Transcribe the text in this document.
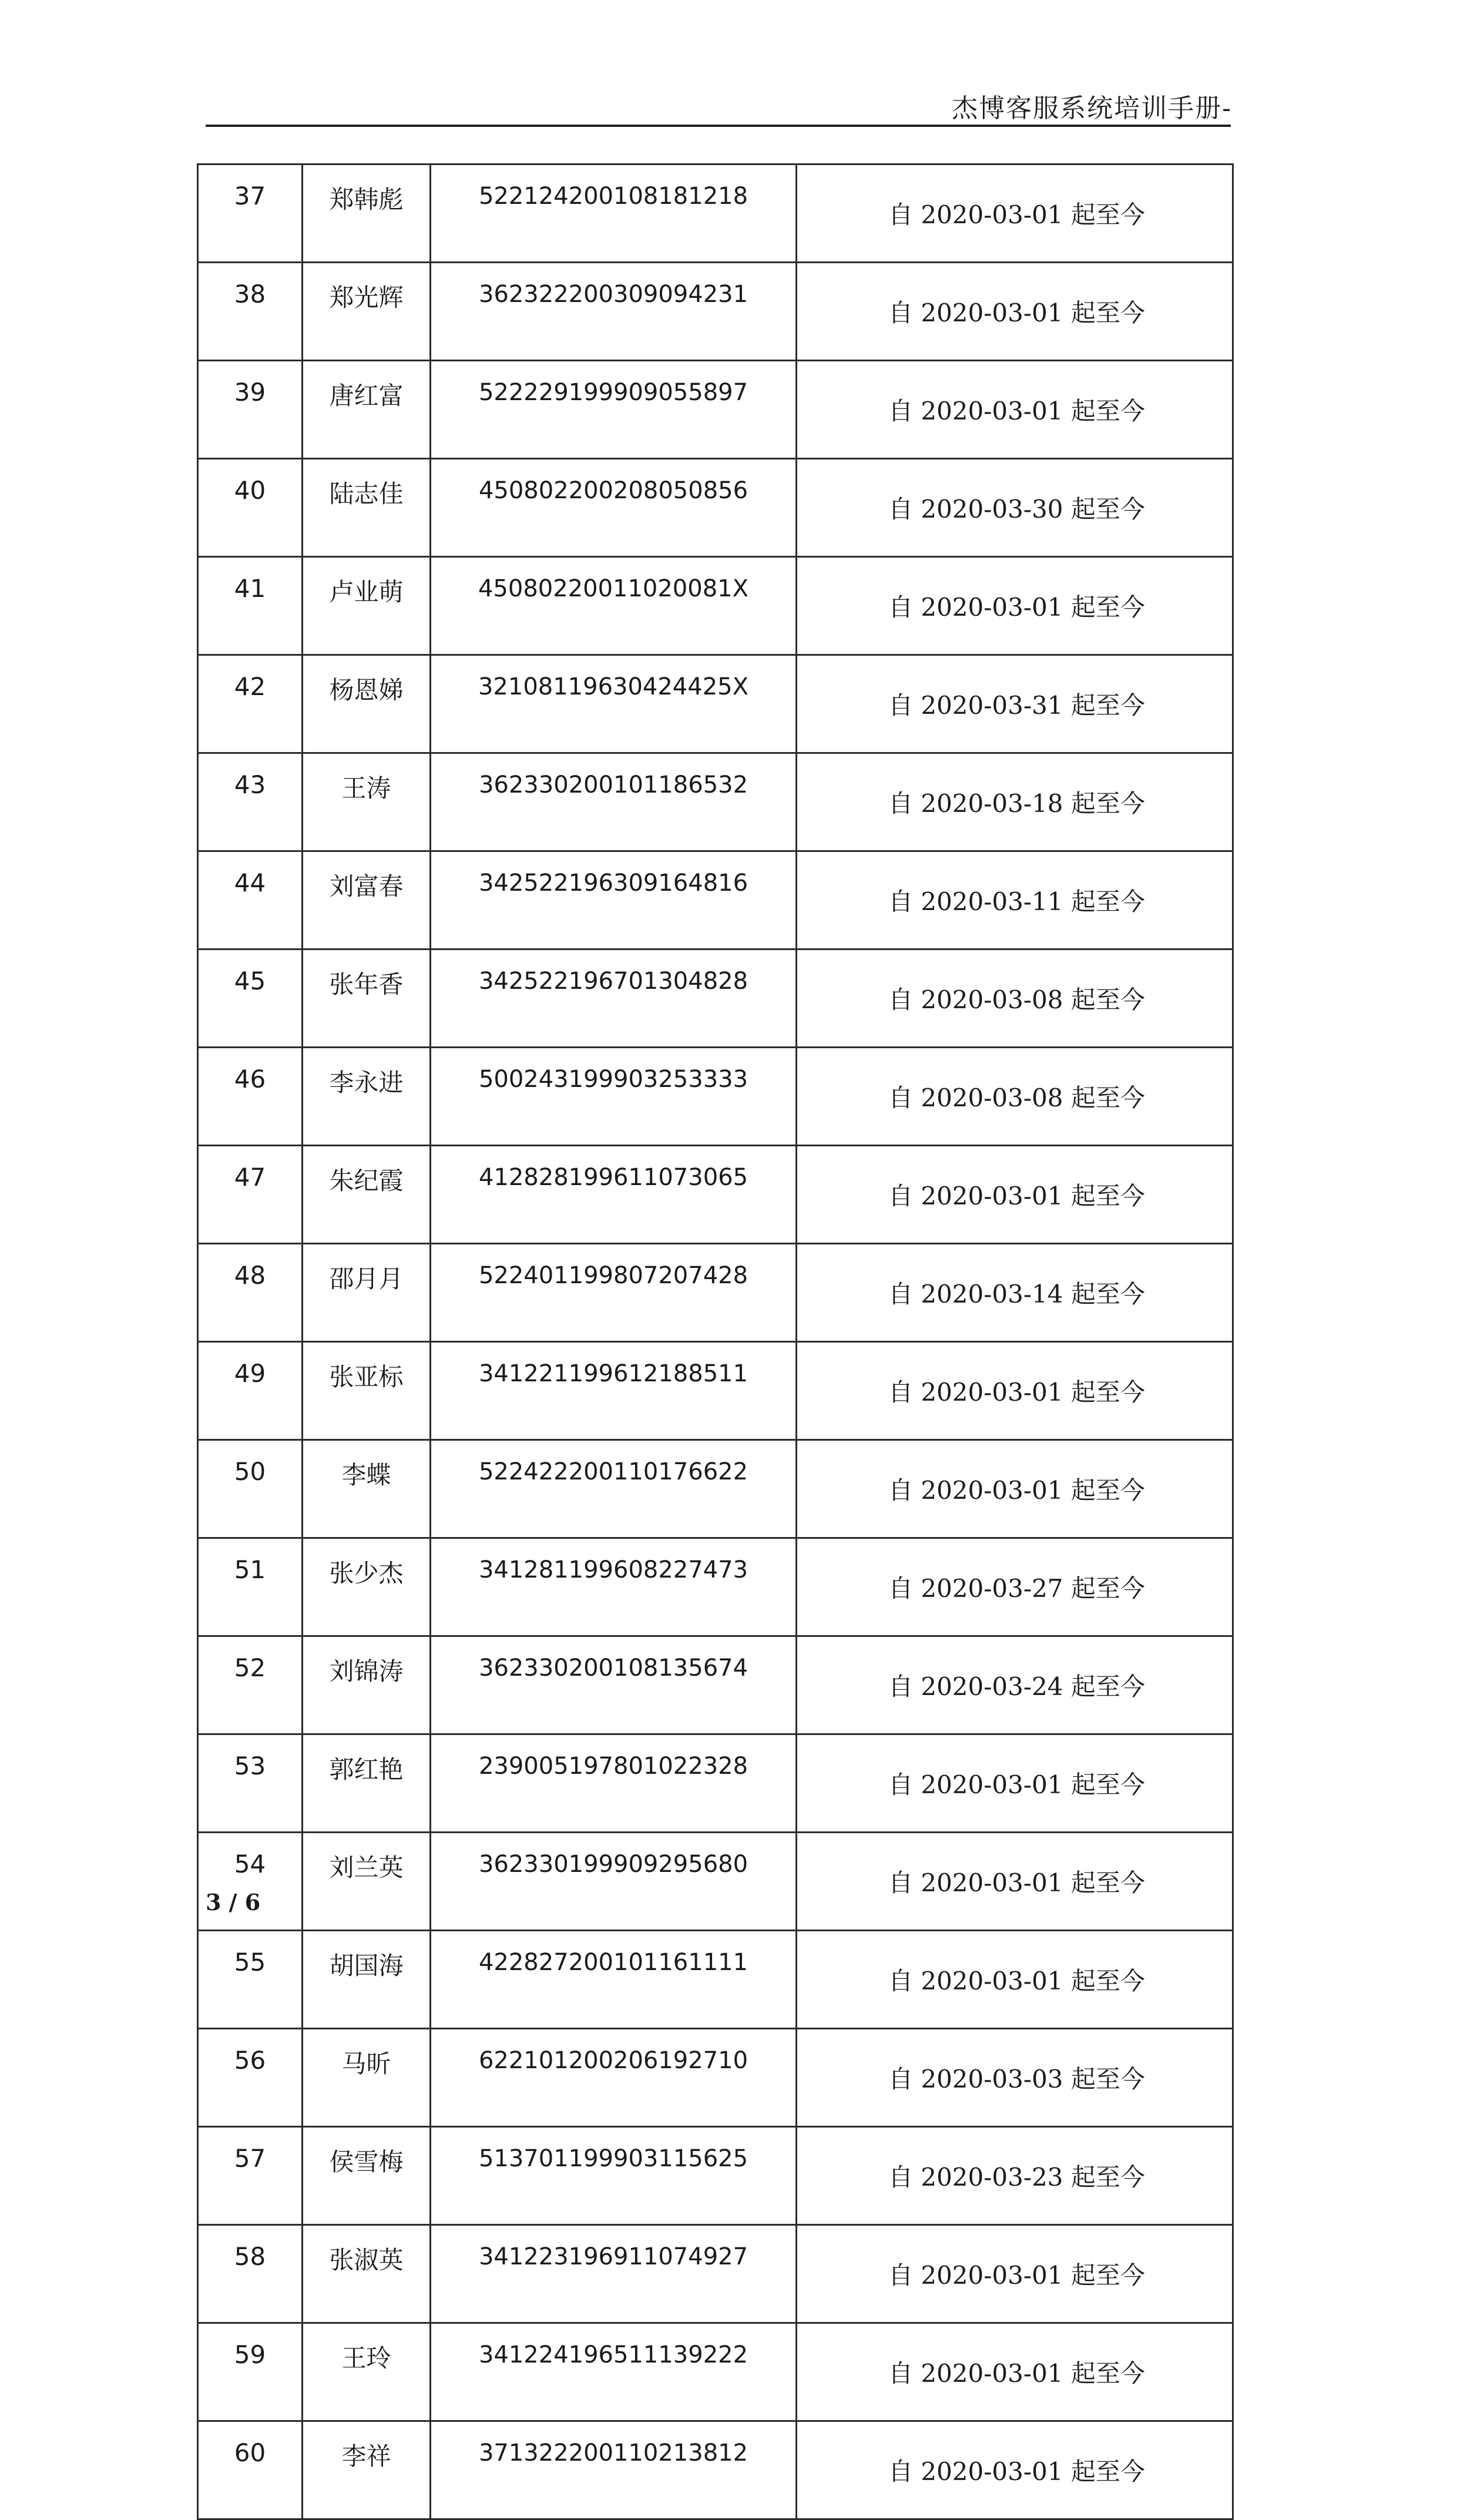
杰博客服系统培训手册-
37	郑韩彪	522124200108181218	自 2020-03-01 起至今
38	郑光辉	362322200309094231	自 2020-03-01 起至今
39	唐红富	522229199909055897	自 2020-03-01 起至今
40	陆志佳	450802200208050856	自 2020-03-30 起至今
41	卢业萌	45080220011020081X	自 2020-03-01 起至今
42	杨恩娣	32108119630424425X	自 2020-03-31 起至今
43	王涛	362330200101186532	自 2020-03-18 起至今
44	刘富春	342522196309164816	自 2020-03-11 起至今
45	张年香	342522196701304828	自 2020-03-08 起至今
46	李永进	500243199903253333	自 2020-03-08 起至今
47	朱纪霞	412828199611073065	自 2020-03-01 起至今
48	邵月月	522401199807207428	自 2020-03-14 起至今
49	张亚标	341221199612188511	自 2020-03-01 起至今
50	李蝶	522422200110176622	自 2020-03-01 起至今
51	张少杰	341281199608227473	自 2020-03-27 起至今
52	刘锦涛	362330200108135674	自 2020-03-24 起至今
53	郭红艳	239005197801022328	自 2020-03-01 起至今
54	刘兰英	362330199909295680	自 2020-03-01 起至今
55	胡国海	422827200101161111	自 2020-03-01 起至今
56	马昕	622101200206192710	自 2020-03-03 起至今
57	侯雪梅	513701199903115625	自 2020-03-23 起至今
58	张淑英	341223196911074927	自 2020-03-01 起至今
59	王玲	341224196511139222	自 2020-03-01 起至今
60	李祥	371322200110213812	自 2020-03-01 起至今
3 / 6
